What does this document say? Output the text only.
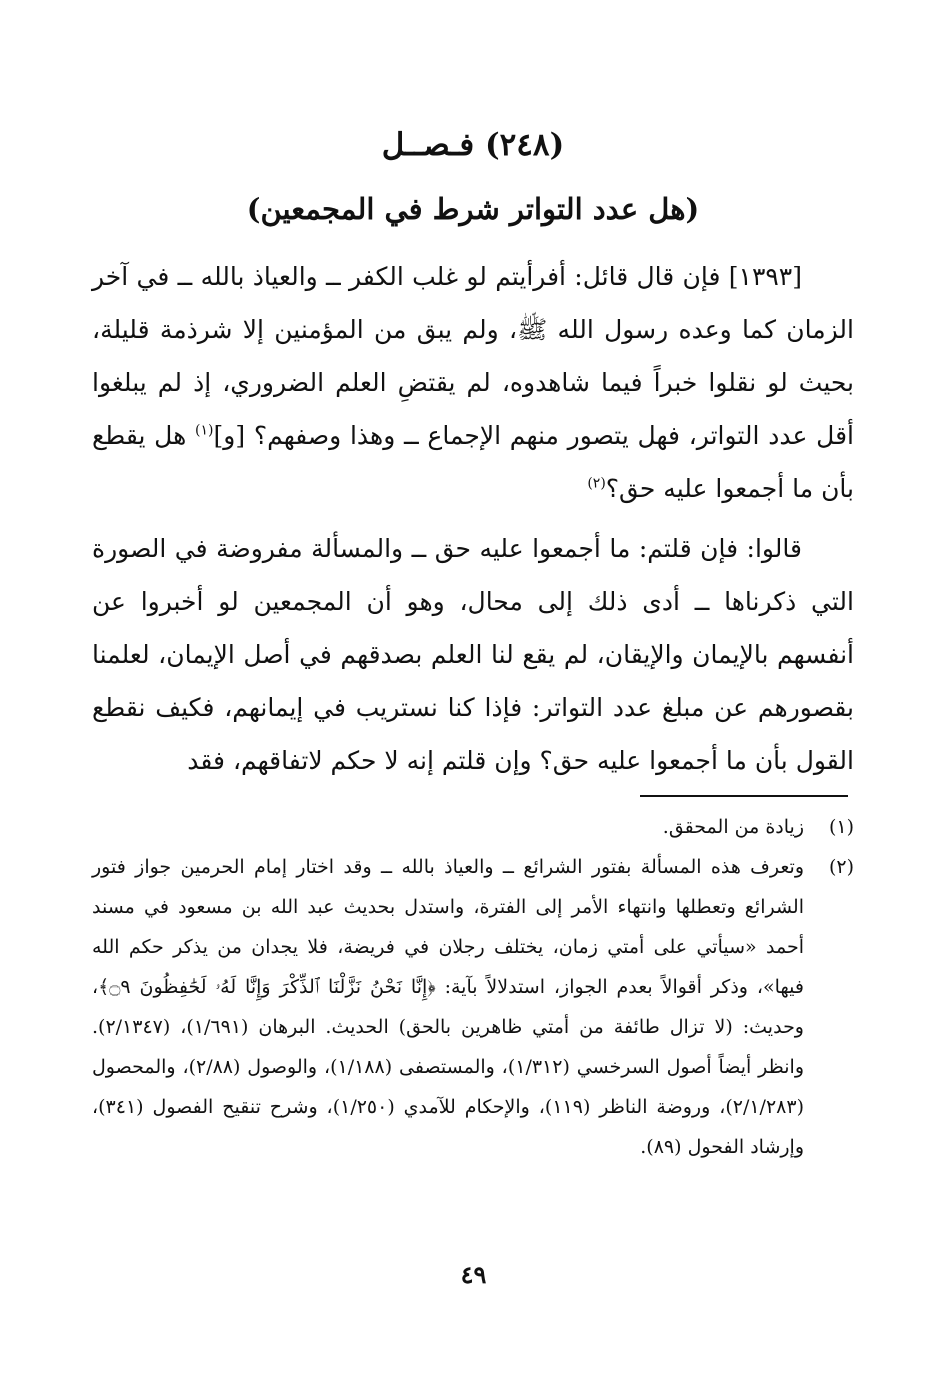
(٢٤٨) فـصــل
(هل عدد التواتر شرط في المجمعين)
[١٣٩٣] فإن قال قائل: أفرأيتم لو غلب الكفر ــ والعياذ بالله ــ في آخر الزمان كما وعده رسول الله ﷺ، ولم يبق من المؤمنين إلا شرذمة قليلة، بحيث لو نقلوا خبراً فيما شاهدوه، لم يقتضِ العلم الضروري، إذ لم يبلغوا أقل عدد التواتر، فهل يتصور منهم الإجماع ــ وهذا وصفهم؟ [و]$^{(١)}$ هل يقطع بأن ما أجمعوا عليه حق؟$^{(٢)}$
قالوا: فإن قلتم: ما أجمعوا عليه حق ــ والمسألة مفروضة في الصورة التي ذكرناها ــ أدى ذلك إلى محال، وهو أن المجمعين لو أخبروا عن أنفسهم بالإيمان والإيقان، لم يقع لنا العلم بصدقهم في أصل الإيمان، لعلمنا بقصورهم عن مبلغ عدد التواتر: فإذا كنا نستريب في إيمانهم، فكيف نقطع القول بأن ما أجمعوا عليه حق؟ وإن قلتم إنه لا حكم لاتفاقهم، فقد
(١)
زيادة من المحقق.
(٢)
وتعرف هذه المسألة بفتور الشرائع ــ والعياذ بالله ــ وقد اختار إمام الحرمين جواز فتور الشرائع وتعطلها وانتهاء الأمر إلى الفترة، واستدل بحديث عبد الله بن مسعود في مسند أحمد «سيأتي على أمتي زمان، يختلف رجلان في فريضة، فلا يجدان من يذكر حكم الله فيها»، وذكر أقوالاً بعدم الجواز، استدلالاً بآية: ﴿إِنَّا نَحْنُ نَزَّلْنَا ٱلذِّكْرَ وَإِنَّا لَهُۥ لَحَٰفِظُونَ ۝٩﴾، وحديث: (لا تزال طائفة من أمتي ظاهرين بالحق) الحديث. البرهان (١/٦٩١)، (٢/١٣٤٧). وانظر أيضاً أصول السرخسي (١/٣١٢)، والمستصفى (١/١٨٨)، والوصول (٢/٨٨)، والمحصول (٢/١/٢٨٣)، وروضة الناظر (١١٩)، والإحكام للآمدي (١/٢٥٠)، وشرح تنقيح الفصول (٣٤١)، وإرشاد الفحول (٨٩).
٤٩
